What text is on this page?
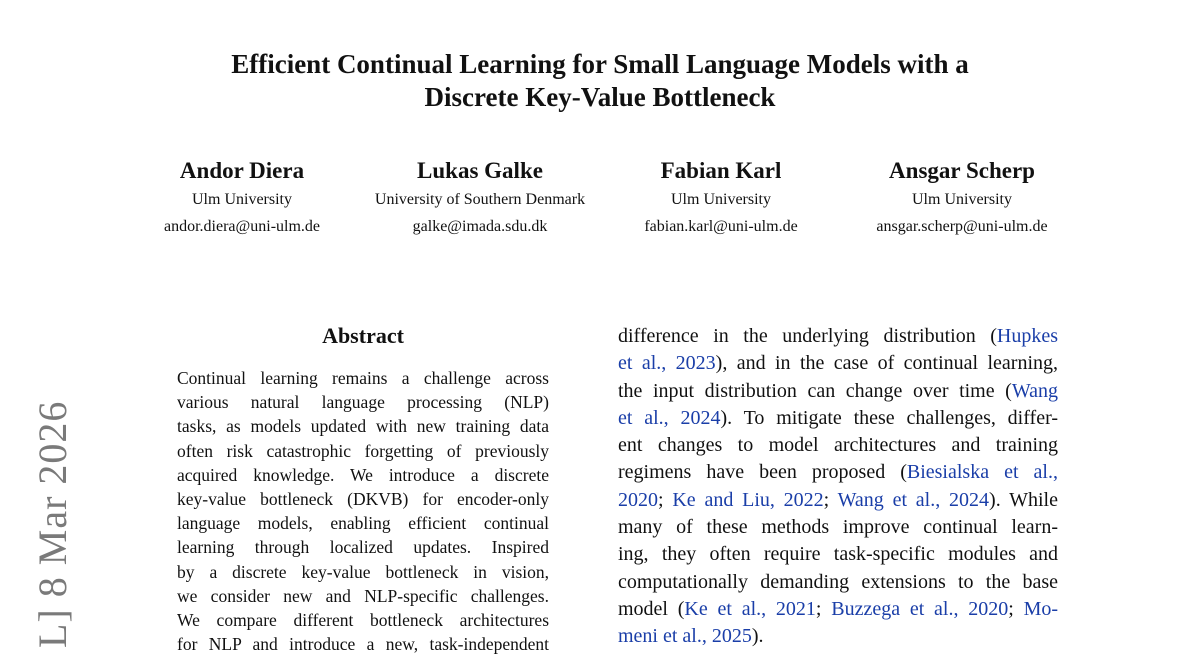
Efficient Continual Learning for Small Language Models with a
Discrete Key-Value Bottleneck
Andor Diera
Ulm University
andor.diera@uni-ulm.de
Lukas Galke
University of Southern Denmark
galke@imada.sdu.dk
Fabian Karl
Ulm University
fabian.karl@uni-ulm.de
Ansgar Scherp
Ulm University
ansgar.scherp@uni-ulm.de
L] 8 Mar 2026
Abstract
Continual learning remains a challenge across
various natural language processing (NLP)
tasks, as models updated with new training data
often risk catastrophic forgetting of previously
acquired knowledge. We introduce a discrete
key-value bottleneck (DKVB) for encoder-only
language models, enabling efficient continual
learning through localized updates. Inspired
by a discrete key-value bottleneck in vision,
we consider new and NLP-specific challenges.
We compare different bottleneck architectures
for NLP and introduce a new, task-independent
difference in the underlying distribution (Hupkes
et al., 2023), and in the case of continual learning,
the input distribution can change over time (Wang
et al., 2024). To mitigate these challenges, differ-
ent changes to model architectures and training
regimens have been proposed (Biesialska et al.,
2020; Ke and Liu, 2022; Wang et al., 2024). While
many of these methods improve continual learn-
ing, they often require task-specific modules and
computationally demanding extensions to the base
model (Ke et al., 2021; Buzzega et al., 2020; Mo-
meni et al., 2025).
